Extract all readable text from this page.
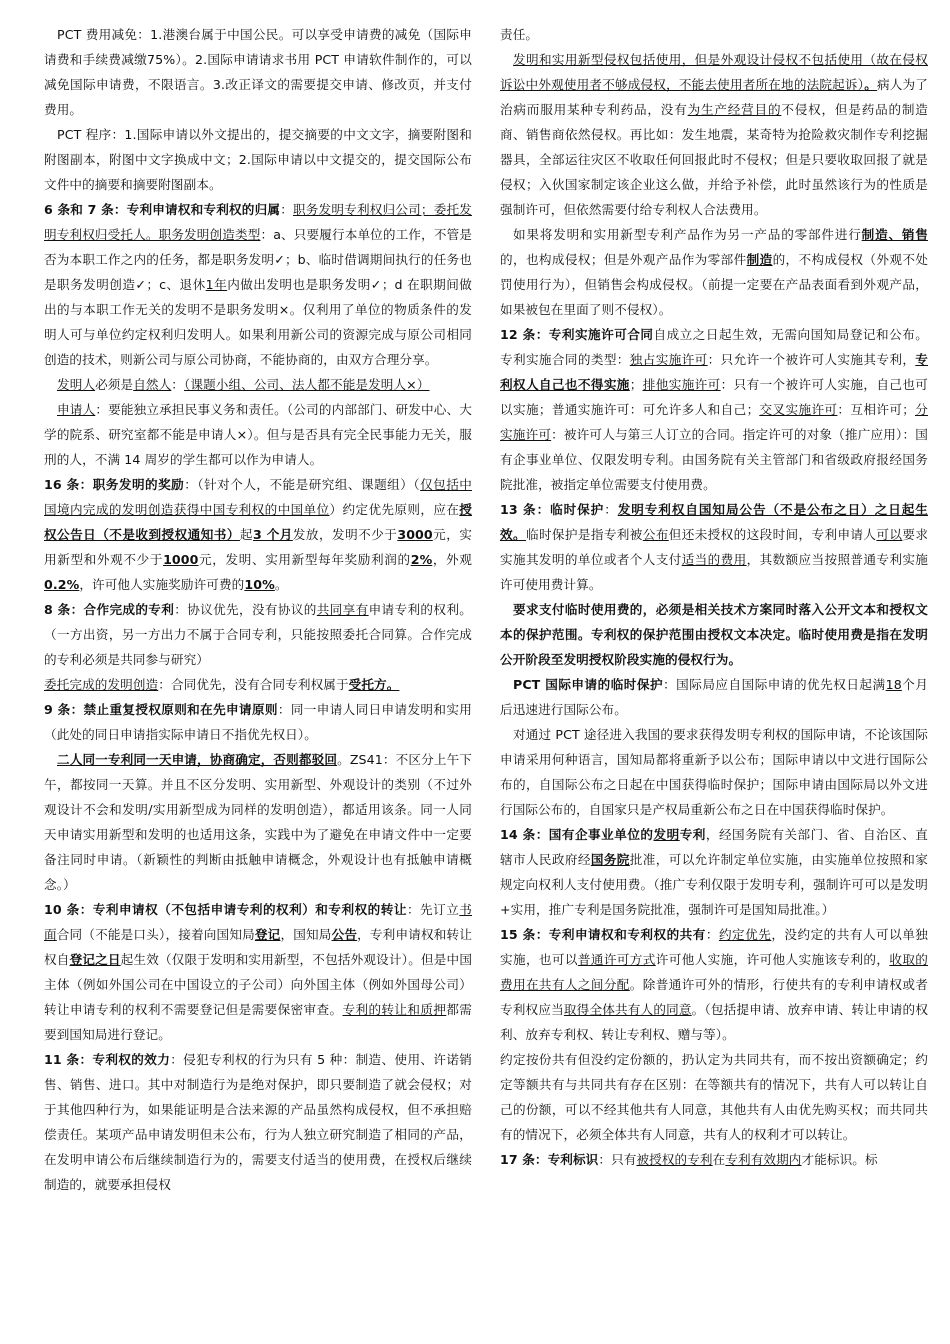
PCT 费用减免：1.港澳台属于中国公民。可以享受申请费的减免（国际申请费和手续费减缴75%）。2.国际申请请求书用 PCT 申请软件制作的，可以减免国际申请费，不限语言。3.改正译文的需要提交申请、修改页，并支付费用。

PCT 程序：1.国际申请以外文提出的，提交摘要的中文文字，摘要附图和附图副本，附图中文字换成中文；2.国际申请以中文提交的，提交国际公布文件中的摘要和摘要附图副本。

6 条和 7 条：专利申请权和专利权的归属：职务发明专利权归公司；委托发明专利权归受托人。职务发明创造类型：a、只要履行本单位的工作，不管是否为本职工作之内的任务，都是职务发明✓；b、临时借调期间执行的任务也是职务发明创造✓；c、退休1年内做出发明也是职务发明✓；d 在职期间做出的与本职工作无关的发明不是职务发明×。仅利用了单位的物质条件的发明人可与单位约定权利归发明人。如果利用新公司的资源完成与原公司相同创造的技术，则新公司与原公司协商，不能协商的，由双方合理分享。

发明人必须是自然人：（课题小组、公司、法人都不能是发明人×）

申请人：要能独立承担民事义务和责任。（公司的内部部门、研发中心、大学的院系、研究室都不能是申请人×）。但与是否具有完全民事能力无关，服刑的人，不满 14 周岁的学生都可以作为申请人。

16 条：职务发明的奖励：（针对个人，不能是研究组、课题组）（仅包括中国境内完成的发明创造获得中国专利权的中国单位）约定优先原则，应在授权公告日（不是收到授权通知书）起3 个月发放，发明不少于3000元，实用新型和外观不少于1000元，发明、实用新型每年奖励利润的2%，外观0.2%，许可他人实施奖励许可费的10%。

8 条：合作完成的专利：协议优先，没有协议的共同享有申请专利的权利。（一方出资，另一方出力不属于合同专利，只能按照委托合同算。合作完成的专利必须是共同参与研究）

委托完成的发明创造：合同优先，没有合同专利权属于受托方。

9 条：禁止重复授权原则和在先申请原则：同一申请人同日申请发明和实用（此处的同日申请指实际申请日不指优先权日）。

二人同一专利同一天申请，协商确定，否则都驳回。ZS41：不区分上午下午，都按同一天算。并且不区分发明、实用新型、外观设计的类别（不过外观设计不会和发明/实用新型成为同样的发明创造），都适用该条。同一人同天申请实用新型和发明的也适用这条，实践中为了避免在申请文件中一定要备注同时申请。（新颖性的判断由抵触申请概念，外观设计也有抵触申请概念。）

10 条：专利申请权（不包括申请专利的权利）和专利权的转让：先订立书面合同（不能是口头），接着向国知局登记，国知局公告，专利申请权和转让权自登记之日起生效（仅限于发明和实用新型，不包括外观设计）。但是中国主体（例如外国公司在中国设立的子公司）向外国主体（例如外国母公司）转让申请专利的权利不需要登记但是需要保密审查。专利的转让和质押都需要到国知局进行登记。

11 条：专利权的效力：侵犯专利权的行为只有 5 种：制造、使用、许诺销售、销售、进口。其中对制造行为是绝对保护，即只要制造了就会侵权；对于其他四种行为，如果能证明是合法来源的产品虽然构成侵权，但不承担赔偿责任。某项产品申请发明但未公布，行为人独立研究制造了相同的产品，在发明申请公布后继续制造行为的，需要支付适当的使用费，在授权后继续制造的，就要承担侵权

责任。

发明和实用新型侵权包括使用，但是外观设计侵权不包括使用（故在侵权诉讼中外观使用者不够成侵权，不能去使用者所在地的法院起诉）。病人为了治病而服用某种专利药品，没有为生产经营目的不侵权，但是药品的制造商、销售商依然侵权。再比如：发生地震，某奇特为抢险救灾制作专利挖掘器具，全部运往灾区不收取任何回报此时不侵权；但是只要收取回报了就是侵权；入伙国家制定该企业这么做，并给予补偿，此时虽然该行为的性质是强制许可，但依然需要付给专利权人合法费用。

如果将发明和实用新型专利产品作为另一产品的零部件进行制造、销售的，也构成侵权；但是外观产品作为零部件制造的，不构成侵权（外观不处罚使用行为），但销售会构成侵权。（前提一定要在产品表面看到外观产品，如果被包在里面了则不侵权）。

12 条：专利实施许可合同自成立之日起生效，无需向国知局登记和公布。专利实施合同的类型：独占实施许可：只允许一个被许可人实施其专利，专利权人自己也不得实施；排他实施许可：只有一个被许可人实施，自己也可以实施；普通实施许可：可允许多人和自己；交叉实施许可：互相许可；分实施许可：被许可人与第三人订立的合同。指定许可的对象（推广应用）：国有企事业单位、仅限发明专利。由国务院有关主管部门和省级政府报经国务院批准，被指定单位需要支付使用费。

13 条：临时保护：发明专利权自国知局公告（不是公布之日）之日起生效。临时保护是指专利被公布但还未授权的这段时间，专利申请人可以要求实施其发明的单位或者个人支付适当的费用，其数额应当按照普通专利实施许可使用费计算。

要求支付临时使用费的，必须是相关技术方案同时落入公开文本和授权文本的保护范围。专利权的保护范围由授权文本决定。临时使用费是指在发明公开阶段至发明授权阶段实施的侵权行为。

PCT 国际申请的临时保护：国际局应自国际申请的优先权日起满18个月后迅速进行国际公布。

对通过 PCT 途径进入我国的要求获得发明专利权的国际申请，不论该国际申请采用何种语言，国知局都将重新予以公布；国际申请以中文进行国际公布的，自国际公布之日起在中国获得临时保护；国际申请由国际局以外文进行国际公布的，自国家只是产权局重新公布之日在中国获得临时保护。

14 条：国有企事业单位的发明专利，经国务院有关部门、省、自治区、直辖市人民政府经国务院批准，可以允许制定单位实施，由实施单位按照和家规定向权利人支付使用费。（推广专利仅限于发明专利，强制许可可以是发明+实用，推广专利是国务院批准，强制许可是国知局批准。）

15 条：专利申请权和专利权的共有：约定优先，没约定的共有人可以单独实施，也可以普通许可方式许可他人实施，许可他人实施该专利的，收取的费用在共有人之间分配。除普通许可外的情形，行使共有的专利申请权或者专利权应当取得全体共有人的同意。（包括提申请、放弃申请、转让申请的权利、放弃专利权、转让专利权、赠与等）。

约定按份共有但没约定份额的，扔认定为共同共有，而不按出资额确定；约定等额共有与共同共有存在区别：在等额共有的情况下，共有人可以转让自己的份额，可以不经其他共有人同意，其他共有人由优先购买权；而共同共有的情况下，必须全体共有人同意，共有人的权利才可以转让。

17 条：专利标识：只有被授权的专利在专利有效期内才能标识。标
